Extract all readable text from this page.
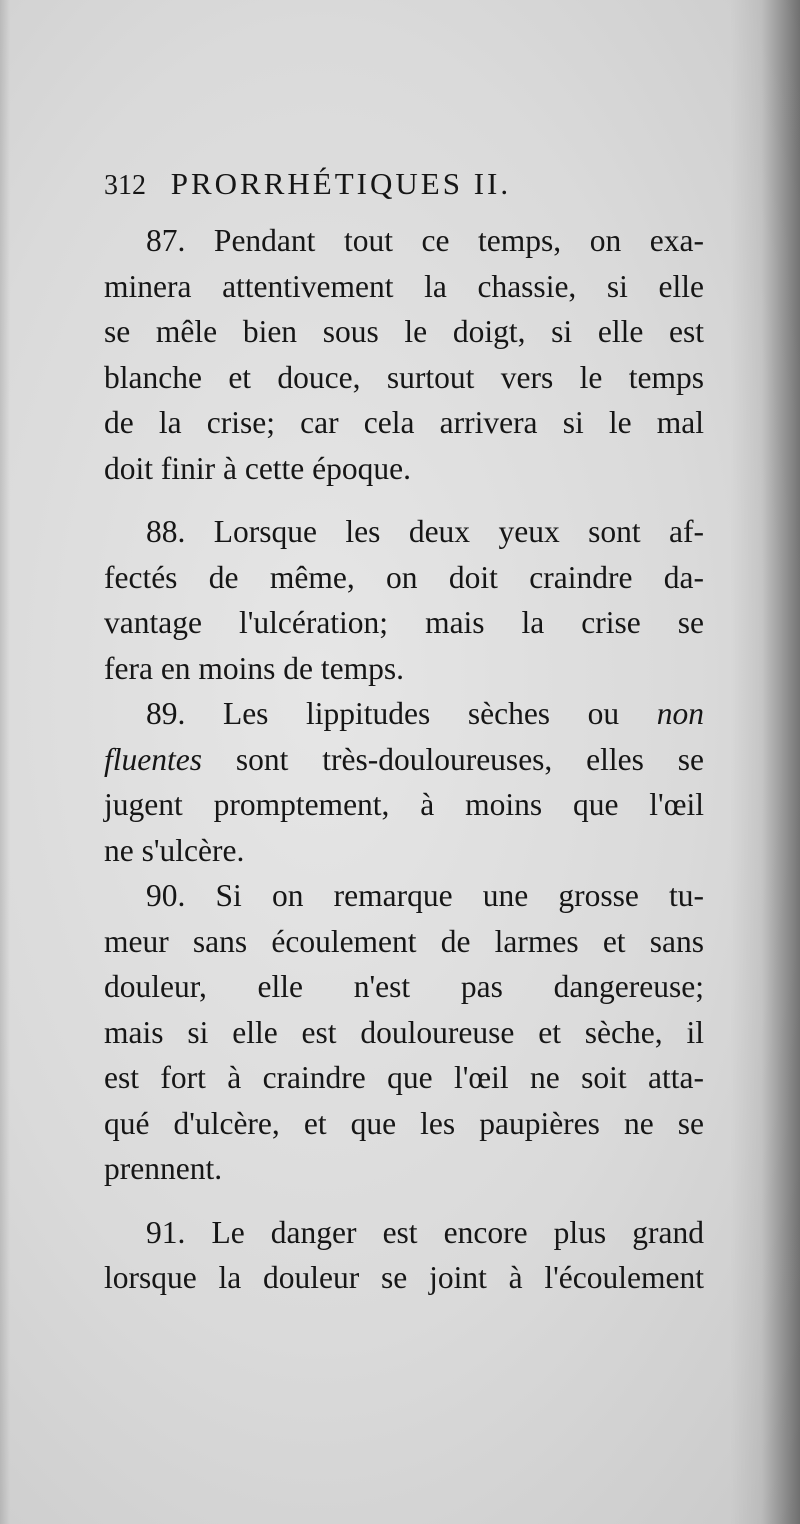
312 PRORRHÉTIQUES II.
87. Pendant tout ce temps, on exa-
minera attentivement la chassie, si elle
se mêle bien sous le doigt, si elle est
blanche et douce, surtout vers le temps
de la crise; car cela arrivera si le mal
doit finir à cette époque.
88. Lorsque les deux yeux sont af-
fectés de même, on doit craindre da-
vantage l'ulcération; mais la crise se
fera en moins de temps.
89. Les lippitudes sèches ou non
fluentes sont très-douloureuses, elles se
jugent promptement, à moins que l'œil
ne s'ulcère.
90. Si on remarque une grosse tu-
meur sans écoulement de larmes et sans
douleur, elle n'est pas dangereuse;
mais si elle est douloureuse et sèche, il
est fort à craindre que l'œil ne soit atta-
qué d'ulcère, et que les paupières ne se
prennent.
91. Le danger est encore plus grand
lorsque la douleur se joint à l'écoulement
